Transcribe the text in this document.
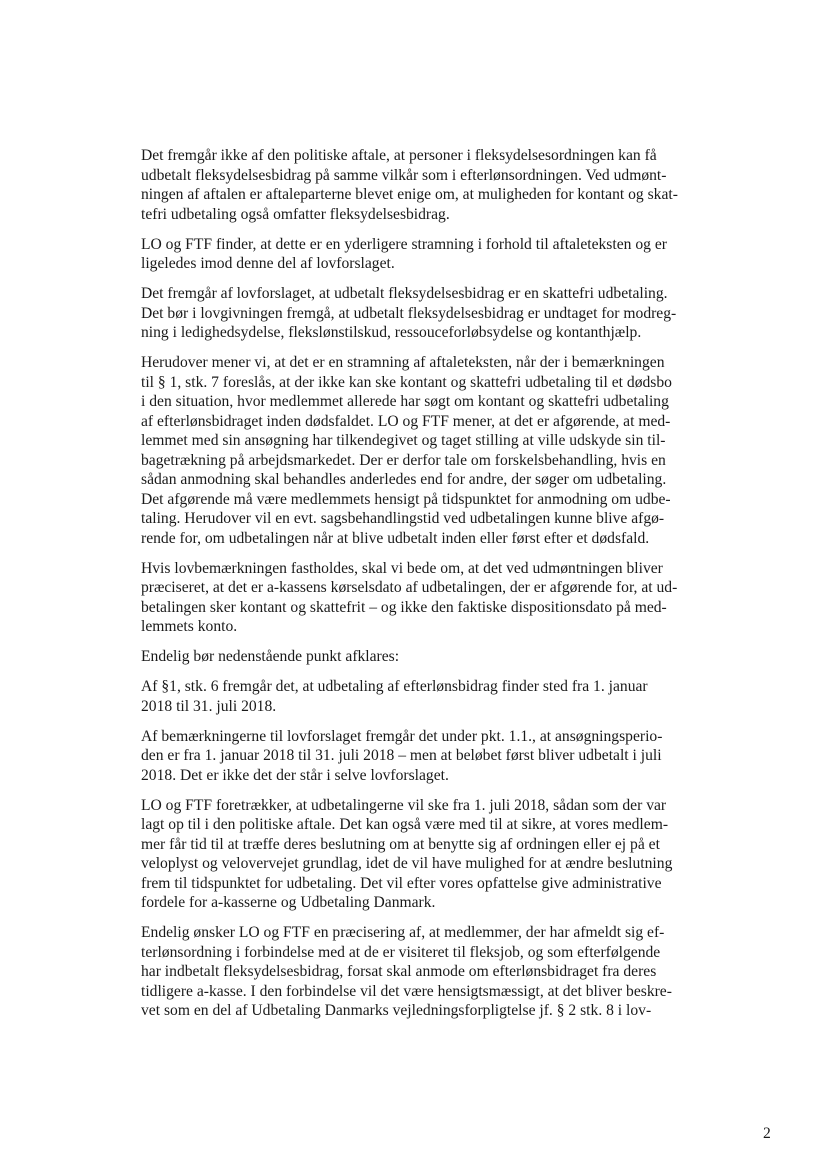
Det fremgår ikke af den politiske aftale, at personer i fleksydelsesordningen kan få
udbetalt fleksydelsesbidrag på samme vilkår som i efterlønsordningen. Ved udmønt-
ningen af aftalen er aftaleparterne blevet enige om, at muligheden for kontant og skat-
tefri udbetaling også omfatter fleksydelsesbidrag.

LO og FTF finder, at dette er en yderligere stramning i forhold til aftaleteksten og er
ligeledes imod denne del af lovforslaget.

Det fremgår af lovforslaget, at udbetalt fleksydelsesbidrag er en skattefri udbetaling.
Det bør i lovgivningen fremgå, at udbetalt fleksydelsesbidrag er undtaget for modreg-
ning i ledighedsydelse, flekslønstilskud, ressouceforløbsydelse og kontanthjælp.

Herudover mener vi, at det er en stramning af aftaleteksten, når der i bemærkningen
til § 1, stk. 7 foreslås, at der ikke kan ske kontant og skattefri udbetaling til et dødsbo
i den situation, hvor medlemmet allerede har søgt om kontant og skattefri udbetaling
af efterlønsbidraget inden dødsfaldet. LO og FTF mener, at det er afgørende, at med-
lemmet med sin ansøgning har tilkendegivet og taget stilling at ville udskyde sin til-
bagetrækning på arbejdsmarkedet. Der er derfor tale om forskelsbehandling, hvis en
sådan anmodning skal behandles anderledes end for andre, der søger om udbetaling.
Det afgørende må være medlemmets hensigt på tidspunktet for anmodning om udbe-
taling. Herudover vil en evt. sagsbehandlingstid ved udbetalingen kunne blive afgø-
rende for, om udbetalingen når at blive udbetalt inden eller først efter et dødsfald.

Hvis lovbemærkningen fastholdes, skal vi bede om, at det ved udmøntningen bliver
præciseret, at det er a-kassens kørselsdato af udbetalingen, der er afgørende for, at ud-
betalingen sker kontant og skattefrit – og ikke den faktiske dispositionsdato på med-
lemmets konto.

Endelig bør nedenstående punkt afklares:

Af §1, stk. 6 fremgår det, at udbetaling af efterlønsbidrag finder sted fra 1. januar
2018 til 31. juli 2018.

Af bemærkningerne til lovforslaget fremgår det under pkt. 1.1., at ansøgningsperio-
den er fra 1. januar 2018 til 31. juli 2018 – men at beløbet først bliver udbetalt i juli
2018. Det er ikke det der står i selve lovforslaget.

LO og FTF foretrækker, at udbetalingerne vil ske fra 1. juli 2018, sådan som der var
lagt op til i den politiske aftale. Det kan også være med til at sikre, at vores medlem-
mer får tid til at træffe deres beslutning om at benytte sig af ordningen eller ej på et
veloplyst og velovervejet grundlag, idet de vil have mulighed for at ændre beslutning
frem til tidspunktet for udbetaling. Det vil efter vores opfattelse give administrative
fordele for a-kasserne og Udbetaling Danmark.

Endelig ønsker LO og FTF en præcisering af, at medlemmer, der har afmeldt sig ef-
terlønsordning i forbindelse med at de er visiteret til fleksjob, og som efterfølgende
har indbetalt fleksydelsesbidrag, forsat skal anmode om efterlønsbidraget fra deres
tidligere a-kasse. I den forbindelse vil det være hensigtsmæssigt, at det bliver beskre-
vet som en del af Udbetaling Danmarks vejledningsforpligtelse jf. § 2 stk. 8 i lov-

2
